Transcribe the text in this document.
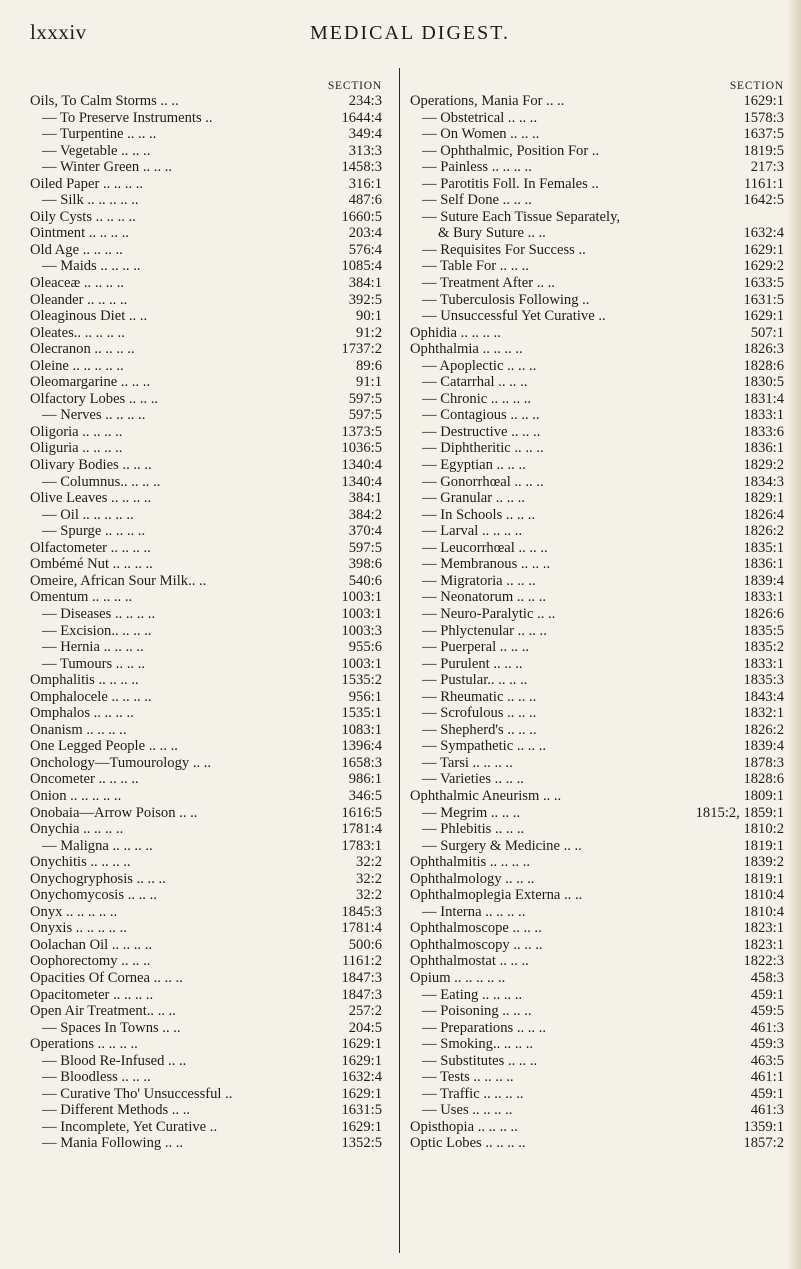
lxxxiv	MEDICAL DIGEST.
SECTION
Oils, To Calm Storms .. ..	234:3
— To Preserve Instruments ..	1644:4
— Turpentine .. .. ..	349:4
— Vegetable .. .. ..	313:3
— Winter Green .. .. ..	1458:3
Oiled Paper .. .. .. ..	316:1
— Silk .. .. .. .. ..	487:6
Oily Cysts .. .. .. ..	1660:5
Ointment .. .. .. ..	203:4
Old Age .. .. .. ..	576:4
— Maids .. .. .. ..	1085:4
Oleaceæ .. .. .. ..	384:1
Oleander .. .. .. ..	392:5
Oleaginous Diet .. ..	90:1
Oleates.. .. .. .. ..	91:2
Olecranon .. .. .. ..	1737:2
Oleine .. .. .. .. ..	89:6
Oleomargarine .. .. ..	91:1
Olfactory Lobes .. .. ..	597:5
— Nerves .. .. .. ..	597:5
Oligoria .. .. .. ..	1373:5
Oliguria .. .. .. ..	1036:5
Olivary Bodies .. .. ..	1340:4
— Columnus.. .. .. ..	1340:4
Olive Leaves .. .. .. ..	384:1
— Oil .. .. .. .. ..	384:2
— Spurge .. .. .. ..	370:4
Olfactometer .. .. .. ..	597:5
Ombémé Nut .. .. .. ..	398:6
Omeire, African Sour Milk.. ..	540:6
Omentum .. .. .. ..	1003:1
— Diseases .. .. .. ..	1003:1
— Excision.. .. .. ..	1003:3
— Hernia .. .. .. ..	955:6
— Tumours .. .. ..	1003:1
Omphalitis .. .. .. ..	1535:2
Omphalocele .. .. .. ..	956:1
Omphalos .. .. .. ..	1535:1
Onanism .. .. .. ..	1083:1
One Legged People .. .. ..	1396:4
Onchology—Tumourology .. ..	1658:3
Oncometer .. .. .. ..	986:1
Onion .. .. .. .. ..	346:5
Onobaia—Arrow Poison .. ..	1616:5
Onychia .. .. .. ..	1781:4
— Maligna .. .. .. ..	1783:1
Onychitis .. .. .. ..	32:2
Onychogryphosis .. .. ..	32:2
Onychomycosis .. .. ..	32:2
Onyx .. .. .. .. ..	1845:3
Onyxis .. .. .. .. ..	1781:4
Oolachan Oil .. .. .. ..	500:6
Oophorectomy .. .. ..	1161:2
Opacities Of Cornea .. .. ..	1847:3
Opacitometer .. .. .. ..	1847:3
Open Air Treatment.. .. ..	257:2
— Spaces In Towns .. ..	204:5
Operations .. .. .. ..	1629:1
— Blood Re-Infused .. ..	1629:1
— Bloodless .. .. ..	1632:4
— Curative Tho' Unsuccessful ..	1629:1
— Different Methods .. ..	1631:5
— Incomplete, Yet Curative ..	1629:1
— Mania Following .. ..	1352:5
SECTION
Operations, Mania For .. ..	1629:1
— Obstetrical .. .. ..	1578:3
— On Women .. .. ..	1637:5
— Ophthalmic, Position For ..	1819:5
— Painless .. .. .. ..	217:3
— Parotitis Foll. In Females ..	1161:1
— Self Done .. .. ..	1642:5
— Suture Each Tissue Separately,
& Bury Suture .. ..	1632:4
— Requisites For Success ..	1629:1
— Table For .. .. ..	1629:2
— Treatment After .. ..	1633:5
— Tuberculosis Following ..	1631:5
— Unsuccessful Yet Curative ..	1629:1
Ophidia .. .. .. ..	507:1
Ophthalmia .. .. .. ..	1826:3
— Apoplectic .. .. ..	1828:6
— Catarrhal .. .. ..	1830:5
— Chronic .. .. .. ..	1831:4
— Contagious .. .. ..	1833:1
— Destructive .. .. ..	1833:6
— Diphtheritic .. .. ..	1836:1
— Egyptian .. .. ..	1829:2
— Gonorrhœal .. .. ..	1834:3
— Granular .. .. ..	1829:1
— In Schools .. .. ..	1826:4
— Larval .. .. .. ..	1826:2
— Leucorrhœal .. .. ..	1835:1
— Membranous .. .. ..	1836:1
— Migratoria .. .. ..	1839:4
— Neonatorum .. .. ..	1833:1
— Neuro-Paralytic .. ..	1826:6
— Phlyctenular .. .. ..	1835:5
— Puerperal .. .. ..	1835:2
— Purulent .. .. ..	1833:1
— Pustular.. .. .. ..	1835:3
— Rheumatic .. .. ..	1843:4
— Scrofulous .. .. ..	1832:1
— Shepherd's .. .. ..	1826:2
— Sympathetic .. .. ..	1839:4
— Tarsi .. .. .. ..	1878:3
— Varieties .. .. ..	1828:6
Ophthalmic Aneurism .. ..	1809:1
— Megrim .. .. ..	1815:2, 1859:1
— Phlebitis .. .. ..	1810:2
— Surgery & Medicine .. ..	1819:1
Ophthalmitis .. .. .. ..	1839:2
Ophthalmology .. .. ..	1819:1
Ophthalmoplegia Externa .. ..	1810:4
— Interna .. .. .. ..	1810:4
Ophthalmoscope .. .. ..	1823:1
Ophthalmoscopy .. .. ..	1823:1
Ophthalmostat .. .. ..	1822:3
Opium .. .. .. .. ..	458:3
— Eating .. .. .. ..	459:1
— Poisoning .. .. ..	459:5
— Preparations .. .. ..	461:3
— Smoking.. .. .. ..	459:3
— Substitutes .. .. ..	463:5
— Tests .. .. .. ..	461:1
— Traffic .. .. .. ..	459:1
— Uses .. .. .. ..	461:3
Opisthopia .. .. .. ..	1359:1
Optic Lobes .. .. .. ..	1857:2
